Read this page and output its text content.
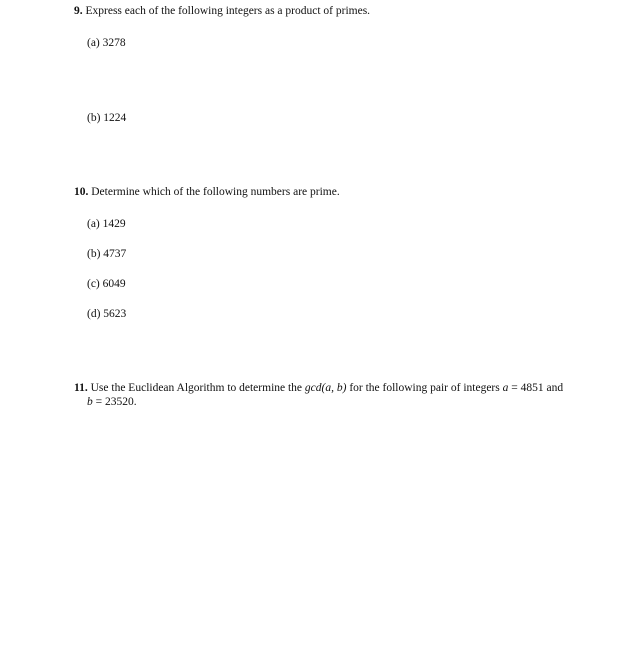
9. Express each of the following integers as a product of primes.
(a) 3278
(b) 1224
10. Determine which of the following numbers are prime.
(a) 1429
(b) 4737
(c) 6049
(d) 5623
11. Use the Euclidean Algorithm to determine the gcd(a, b) for the following pair of integers a = 4851 and
b = 23520.
